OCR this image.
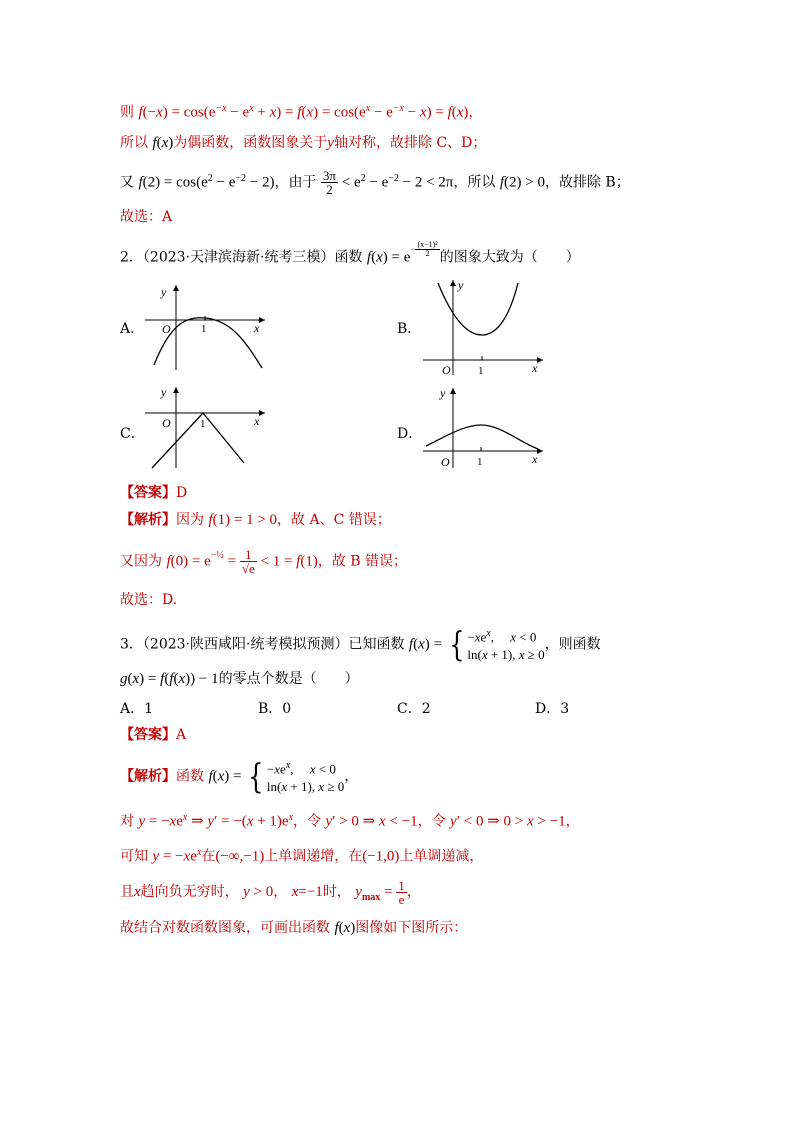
则 $f(-x) = \cos(e^{-x} - e^x + x) = f(x) = \cos(e^x - e^{-x} - x) = f(x)$，
所以 f(x)为偶函数，函数图象关于y轴对称，故排除 C、D；
又 $f(2) = \cos(e^2 - e^{-2} - 2)$，由于 $\frac{3\pi}{2} < e^2 - e^{-2} - 2 < 2\pi$，所以 f(2) > 0，故排除 B；
故选：A
2．（2023·天津滨海新·统考三模）函数 $f(x) = e^{- \frac{\text{(x−1)²}}{2}}$ 的图象大致为（　　）
A．
y
x
O	1	B．
y
x
O 1
C．
y
x
O	1
D．
y
x
O 1
【答案】D
【解析】因为 f(1) = 1 > 0，故 A、C 错误；
又因为 $f(0) = e^{-\frac{1}{2}} = \frac{1}{√e} < 1 = f(1)$，故 B 错误；
故选：D.
3．（2023·陕西咸阳·统考模拟预测）已知函数 f(x) = { $-xe^x$,     x < 0
ln(x + 1), x ≥ 0
，则函数
g(x) = f(f(x)) − 1的零点个数是（　　）
A．1	B．0	C．2	D．3
【答案】A
【解析】函数 f(x) = { $-xe^x$,     x < 0
ln(x + 1), x ≥ 0
，
对 $y = -xe^x$ ⇒ $y' = -(x + 1)e^x$，令 y′ > 0 ⇒ x < −1，令 y′ < 0 ⇒ 0 > x > −1，
可知 $y = -xe^x$在(−∞,−1)上单调递增，在(−1,0)上单调递减，
且x趋向负无穷时， y > 0， x=−1时， $y_{max} = \frac{1}{e}$ ，
故结合对数函数图象，可画出函数 f(x)图像如下图所示：
